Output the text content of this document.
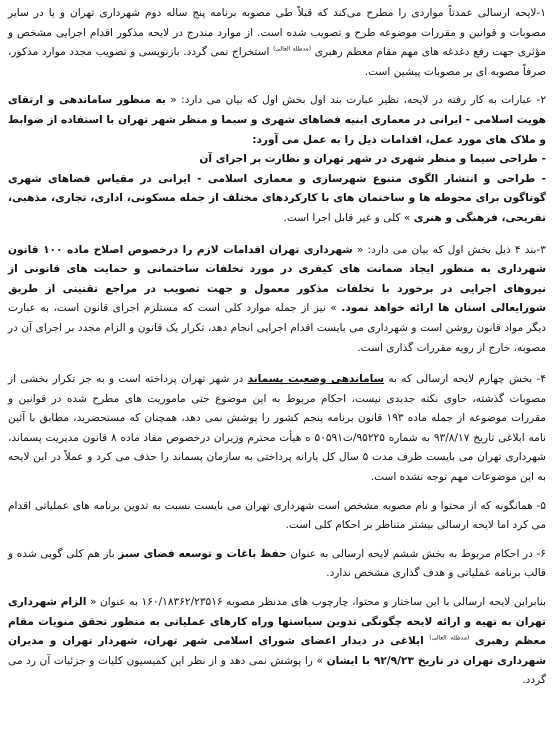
۱-لایحه ارسالی عمدتاً مواردی را مطرح می‌کند که قبلاً طی مصوبه برنامه پنج ساله دوم شهرداری تهران و یا در سایر مصوبات و قوانین و مقررات موضوعه طرح و تصویب شده است. از موارد مندرج در لایحه مذکور اقدام اجرایی مشخص و مؤثری جهت رفع دغدغه های مهم مقام معظم رهبری $^{(مدظله العالی)}$ استخراج نمی گردد. بازنویسی و تصویب مجدد موارد مذکور، صرفاً مصوبه ای بر مصوبات پیشین است.

۲- عبارات به کار رفته در لایحه، نظیر عبارت بند اول بخش اول که بیان می دارد: « به منظور ساماندهی و ارتقای هویت اسلامی - ایرانی در معماری ابنیه فضاهای شهری و سیما و منظر شهر تهران با استفاده از ضوابط و ملاک های مورد عمل، اقدامات ذیل را به عمل می آورد:
- طراحی سیما و منظر شهری در شهر تهران و نظارت بر اجرای آن
- طراحی و انتشار الگوی متنوع شهرسازی و معماری اسلامی - ایرانی در مقیاس فضاهای شهری گوناگون برای محوطه ها و ساختمان های با کارکردهای مختلف از جمله مسکونی، اداری، تجاری، مذهبی، تفریحی، فرهنگی و هنری » کلی و غیر قابل اجرا است.

۳-بند ۴ ذیل بخش اول که بیان می دارد: « شهرداری تهران اقدامات لازم را درخصوص اصلاح ماده ۱۰۰ قانون شهرداری به منظور ایجاد ضمانت های کیفری در مورد تخلفات ساختمانی و حمایت های قانونی از نیروهای اجرایی در برخورد با تخلفات مذکور معمول و جهت تصویب در مراجع تقنینی از طریق شورایعالی استان ها ارائه خواهد نمود. » نیز از جمله موارد کلی است که مستلزم اجرای قانون است، به عبارت دیگر مواد قانون روشن است و شهرداری می بایست اقدام اجرایی انجام دهد، تکرار یک قانون و الزام مجدد بر اجرای آن در مصوبه، خارج از رویه مقررات گذاری است.

۴- بخش چهارم لایحه ارسالی که به ساماندهی وضعیت پسماند در شهر تهران پرداخته است و به جز تکرار بخشی از مصوبات گذشته، حاوی نکته جدیدی نیست، احکام مربوط به این موضوع حتی ماموریت های مطرح شده در قوانین و مقررات موضوعه از جمله ماده ۱۹۳ قانون برنامه پنجم کشور را پوشش نمی دهد، همچنان که مستحضرید، مطابق با آئین نامه ابلاغی تاریخ ۹۳/۸/۱۷ به شماره ۹۵۲۲۵/ت۵۰۵۹۱ ه هیأت محترم وزیران درخصوص مفاد ماده ۸ قانون مدیریت پسماند، شهرداری تهران می بایست ظرف مدت ۵ سال کل یارانه پرداختی به سازمان پسماند را حذف می کرد و عملاً در این لایحه به این موضوعات مهم توجه نشده است.

۵- همانگونه که از محتوا و نام مصوبه مشخص است شهرداری تهران می بایست نسبت به تدوین برنامه های عملیاتی اقدام می کرد اما لایحه ارسالی بیشتر متناظر بر احکام کلی است.

۶- در احکام مربوط به بخش ششم لایحه ارسالی به عنوان حفظ باغات و توسعه فضای سبز باز هم کلی گویی شده و قالب برنامه عملیاتی و هدف گذاری مشخص ندارد.

بنابراین لایحه ارسالی با این ساختار و محتوا، چارچوب های مدنظر مصوبه ۱۶۰/۱۸۳۶۲/۲۳۵۱۶ به عنوان « الزام شهرداری تهران به تهیه و ارائه لایحه چگونگی تدوین سیاستها وراه کارهای عملیاتی به منظور تحقق منویات مقام معظم رهبری $^{(مدظله العالی)}$ ابلاغی در دیدار اعضای شورای اسلامی شهر تهران، شهردار تهران و مدیران شهرداری تهران در تاریخ ۹۲/۹/۲۳ با ایشان » را پوشش نمی دهد و از نظر این کمیسیون کلیات و جزئیات آن رد می گردد.
